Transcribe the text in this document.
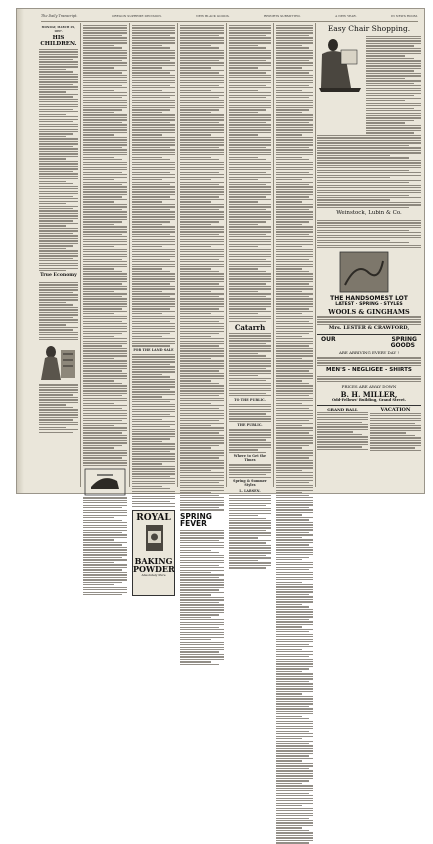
The Daily Transcript.	OREGON SUPREME DECISION.	NEW BLACK GOODS.	REPORTS SUBMITTED.	A NEW YEAR.	IN NEWS ROOM.
MONDAY, MARCH 29, 1897.
HIS CHILDREN.
True Economy
FOR THE LAND SALE
ROYAL
BAKING
POWDER
Absolutely Pure
SPRING FEVER
Catarrh
TO THE PUBLIC.
THE PUBLIC.
Where to Get the Times
Spring & Summer Styles
L. LARSEN.
Easy Chair Shopping.
Weinstock, Lubin & Co.
THE HANDSOMEST LOT
LATEST · SPRING · STYLES
WOOLS & GINGHAMS
Mrs. LESTER & CRAWFORD,
OUR	SPRING
GOODS
ARE ARRIVING EVERY DAY !
MEN'S - NEGLIGEE - SHIRTS
PRICES ARE AWAY DOWN
B. H. MILLER,
Odd-Fellows' Building, Grand Street.
GRAND BALL	VACATION
